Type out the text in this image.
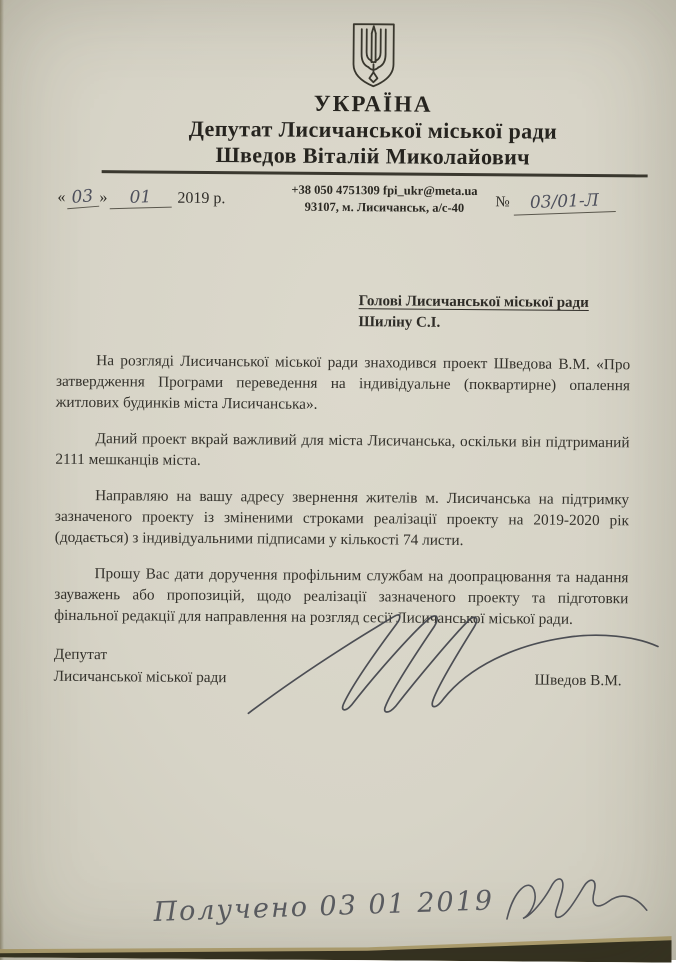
УКРАЇНА
Депутат Лисичанської міської ради
Шведов Віталій Миколайович
« 03 » 01 2019 р.	+38 050 4751309 fpi_ukr@meta.ua
93107, м. Лисичанськ, а/с-40	№ 03/01-Л
Голові Лисичанської міської ради
Шиліну С.І.

На розгляді Лисичанської міської ради знаходився проект Шведова В.М. «Про затвердження Програми переведення на індивідуальне (поквартирне) опалення житлових будинків міста Лисичанська».

Даний проект вкрай важливий для міста Лисичанська, оскільки він підтриманий 2111 мешканців міста.

Направляю на вашу адресу звернення жителів м. Лисичанська на підтримку зазначеного проекту із зміненими строками реалізації проекту на 2019-2020 рік (додається) з індивідуальними підписами у кількості 74 листи.

Прошу Вас дати доручення профільним службам на доопрацювання та надання зауважень або пропозицій, щодо реалізації зазначеного проекту та підготовки фінальної редакції для направлення на розгляд сесії Лисичанської міської ради.

Депутат
Лисичанської міської ради	Шведов В.М.
Получено 03 01 2019
